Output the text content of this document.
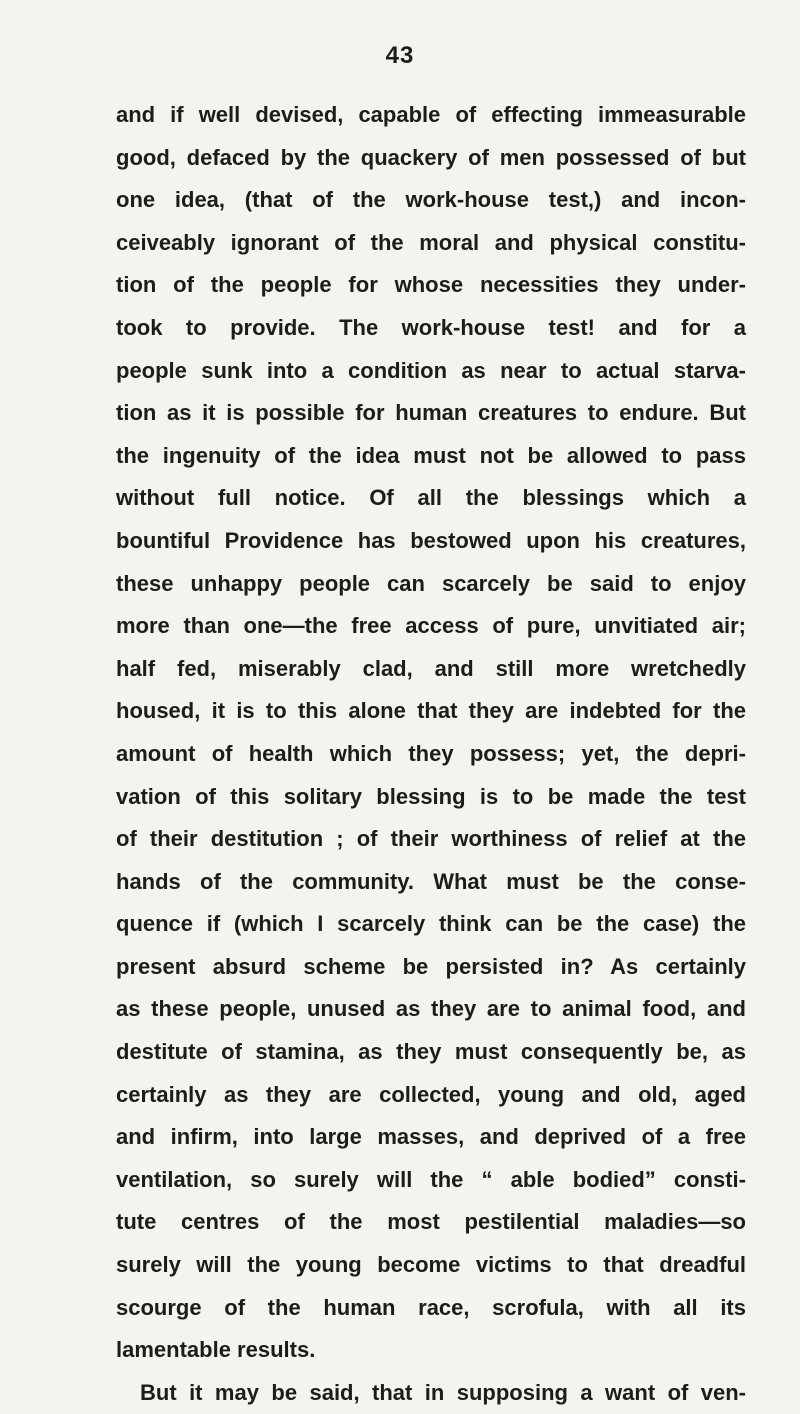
43
and if well devised, capable of effecting immeasurable
good, defaced by the quackery of men possessed of but
one idea, (that of the work-house test,) and incon-
ceiveably ignorant of the moral and physical constitu-
tion of the people for whose necessities they under-
took to provide. The work-house test! and for a
people sunk into a condition as near to actual starva-
tion as it is possible for human creatures to endure. But
the ingenuity of the idea must not be allowed to pass
without full notice. Of all the blessings which a
bountiful Providence has bestowed upon his creatures,
these unhappy people can scarcely be said to enjoy
more than one—the free access of pure, unvitiated air;
half fed, miserably clad, and still more wretchedly
housed, it is to this alone that they are indebted for the
amount of health which they possess; yet, the depri-
vation of this solitary blessing is to be made the test
of their destitution ; of their worthiness of relief at the
hands of the community. What must be the conse-
quence if (which I scarcely think can be the case) the
present absurd scheme be persisted in? As certainly
as these people, unused as they are to animal food, and
destitute of stamina, as they must consequently be, as
certainly as they are collected, young and old, aged
and infirm, into large masses, and deprived of a free
ventilation, so surely will the “ able bodied” consti-
tute centres of the most pestilential maladies—so
surely will the young become victims to that dreadful
scourge of the human race, scrofula, with all its
lamentable results.
But it may be said, that in supposing a want of ven-
